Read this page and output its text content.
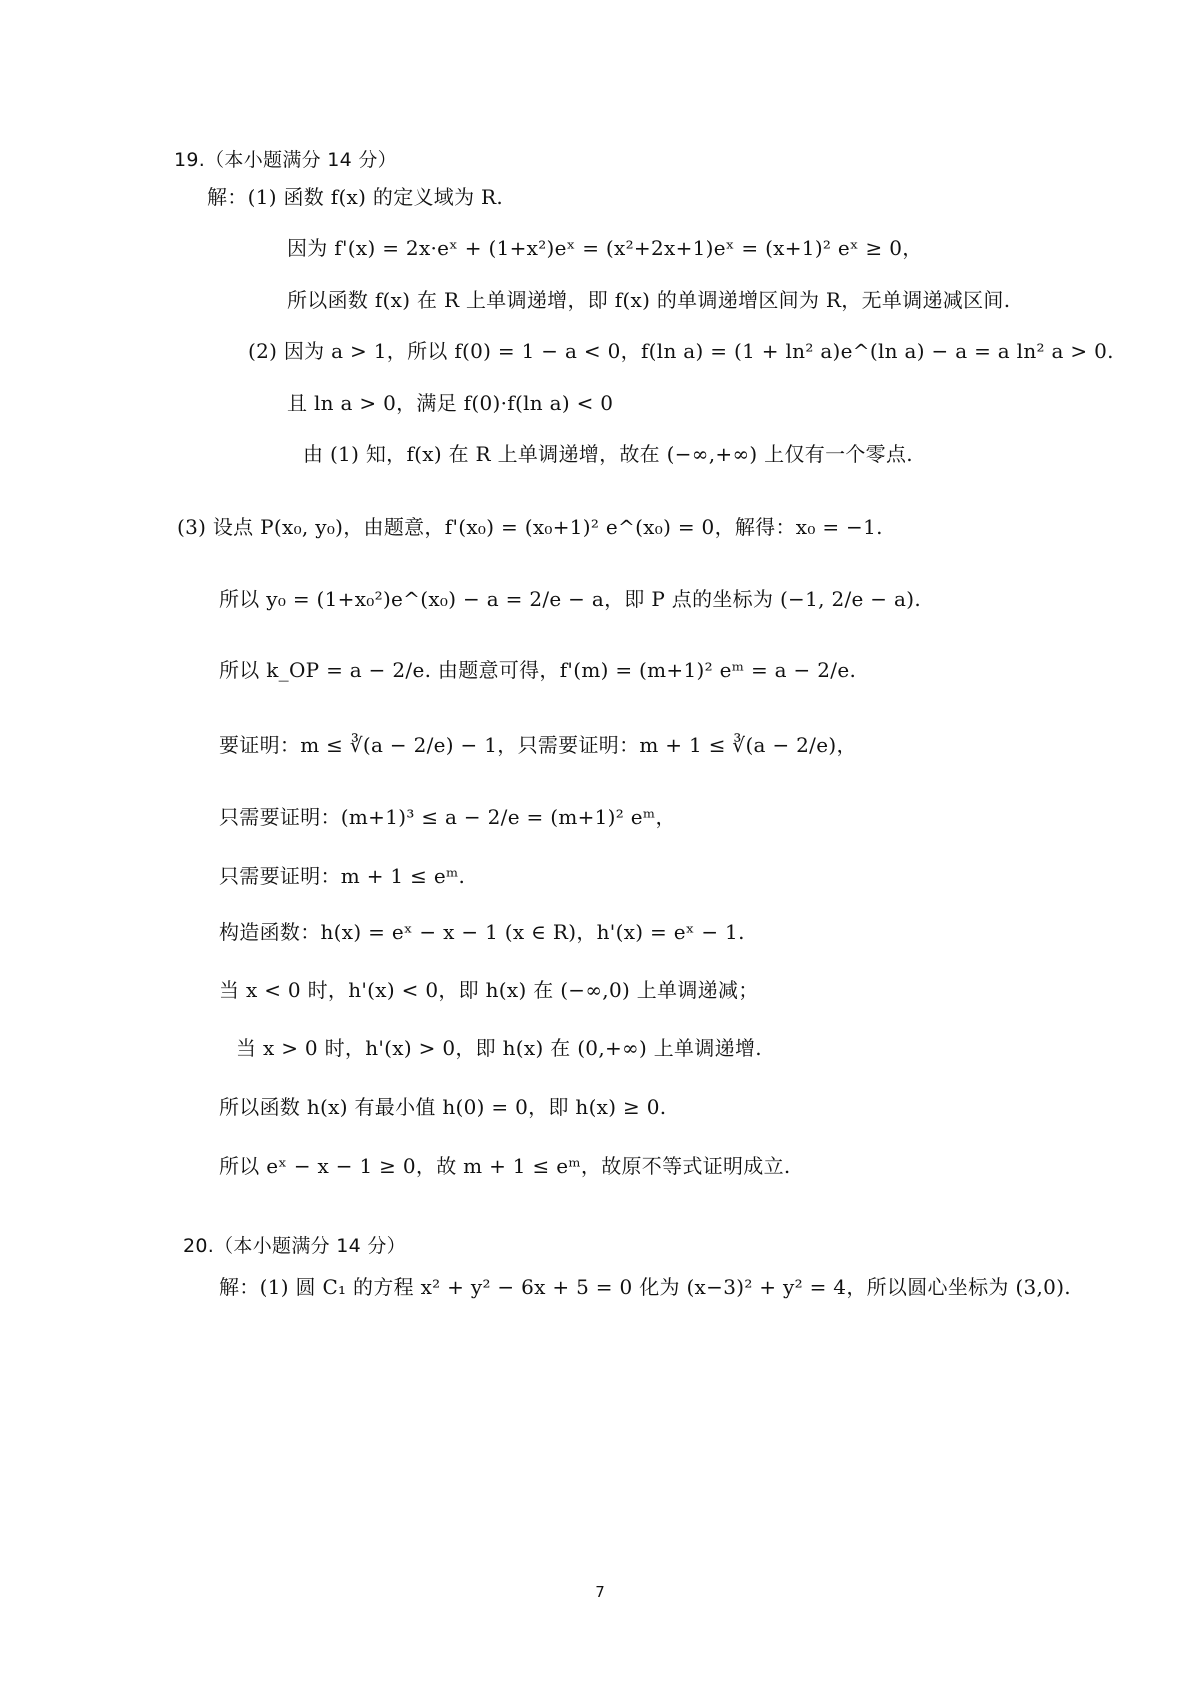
19.（本小题满分 14 分）
解：(1) 函数 f(x) 的定义域为 R.
因为 f'(x) = 2x·eˣ + (1+x²)eˣ = (x²+2x+1)eˣ = (x+1)² eˣ ≥ 0，
所以函数 f(x) 在 R 上单调递增，即 f(x) 的单调递增区间为 R，无单调递减区间.
(2) 因为 a > 1，所以 f(0) = 1 − a < 0，f(ln a) = (1 + ln² a)e^(ln a) − a = a ln² a > 0.
且 ln a > 0，满足 f(0)·f(ln a) < 0
由 (1) 知，f(x) 在 R 上单调递增，故在 (−∞,+∞) 上仅有一个零点.
(3) 设点 P(x₀, y₀)，由题意，f'(x₀) = (x₀+1)² e^(x₀) = 0，解得：x₀ = −1.
所以 y₀ = (1+x₀²)e^(x₀) − a = 2/e − a，即 P 点的坐标为 (−1, 2/e − a).
所以 k_OP = a − 2/e. 由题意可得，f'(m) = (m+1)² eᵐ = a − 2/e.
要证明：m ≤ ∛(a − 2/e) − 1，只需要证明：m + 1 ≤ ∛(a − 2/e)，
只需要证明：(m+1)³ ≤ a − 2/e = (m+1)² eᵐ，
只需要证明：m + 1 ≤ eᵐ.
构造函数：h(x) = eˣ − x − 1 (x ∈ R)，h'(x) = eˣ − 1.
当 x < 0 时，h'(x) < 0，即 h(x) 在 (−∞,0) 上单调递减；
当 x > 0 时，h'(x) > 0，即 h(x) 在 (0,+∞) 上单调递增.
所以函数 h(x) 有最小值 h(0) = 0，即 h(x) ≥ 0.
所以 eˣ − x − 1 ≥ 0，故 m + 1 ≤ eᵐ，故原不等式证明成立.
20.（本小题满分 14 分）
解：(1) 圆 C₁ 的方程 x² + y² − 6x + 5 = 0 化为 (x−3)² + y² = 4，所以圆心坐标为 (3,0).
7
